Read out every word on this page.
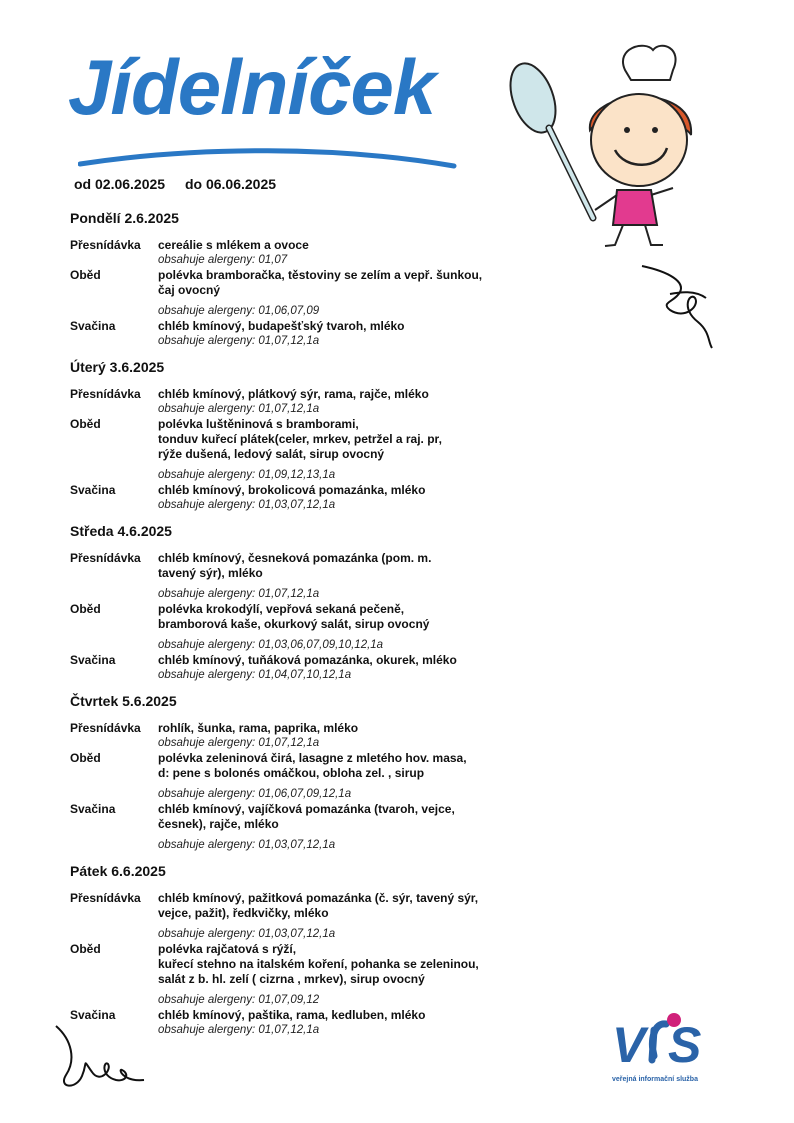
Jídelníček
od 02.06.2025 do 06.06.2025
Pondělí 2.6.2025
Přesnídávka	cereálie s mlékem a ovoce
obsahuje alergeny: 01,07
Oběd	polévka bramboračka, těstoviny se zelím a vepř. šunkou,
čaj ovocný
obsahuje alergeny: 01,06,07,09
Svačina	chléb kmínový, budapešťský tvaroh, mléko
obsahuje alergeny: 01,07,12,1a
Úterý 3.6.2025
Přesnídávka	chléb kmínový, plátkový sýr, rama, rajče, mléko
obsahuje alergeny: 01,07,12,1a
Oběd	polévka luštěninová s bramborami,
tonduv kuřecí plátek(celer, mrkev, petržel a raj. pr,
rýže dušená, ledový salát, sirup ovocný
obsahuje alergeny: 01,09,12,13,1a
Svačina	chléb kmínový, brokolicová pomazánka, mléko
obsahuje alergeny: 01,03,07,12,1a
Středa 4.6.2025
Přesnídávka	chléb kmínový, česneková pomazánka (pom. m.
tavený sýr), mléko
obsahuje alergeny: 01,07,12,1a
Oběd	polévka krokodýlí, vepřová sekaná pečeně,
bramborová kaše, okurkový salát, sirup ovocný
obsahuje alergeny: 01,03,06,07,09,10,12,1a
Svačina	chléb kmínový, tuňáková pomazánka, okurek, mléko
obsahuje alergeny: 01,04,07,10,12,1a
Čtvrtek 5.6.2025
Přesnídávka	rohlík, šunka, rama, paprika, mléko
obsahuje alergeny: 01,07,12,1a
Oběd	polévka zeleninová čirá, lasagne z mletého hov. masa,
d: pene s bolonés omáčkou, obloha zel. , sirup
obsahuje alergeny: 01,06,07,09,12,1a
Svačina	chléb kmínový, vajíčková pomazánka (tvaroh, vejce,
česnek), rajče, mléko
obsahuje alergeny: 01,03,07,12,1a
Pátek 6.6.2025
Přesnídávka	chléb kmínový, pažitková pomazánka (č. sýr, tavený sýr,
vejce, pažit), ředkvičky, mléko
obsahuje alergeny: 01,03,07,12,1a
Oběd	polévka rajčatová s rýží,
kuřecí stehno na italském koření, pohanka se zeleninou,
salát z b. hl. zelí ( cizrna , mrkev), sirup ovocný
obsahuje alergeny: 01,07,09,12
Svačina	chléb kmínový, paštika, rama, kedluben, mléko
obsahuje alergeny: 01,07,12,1a	V S
veřejná informační služba
